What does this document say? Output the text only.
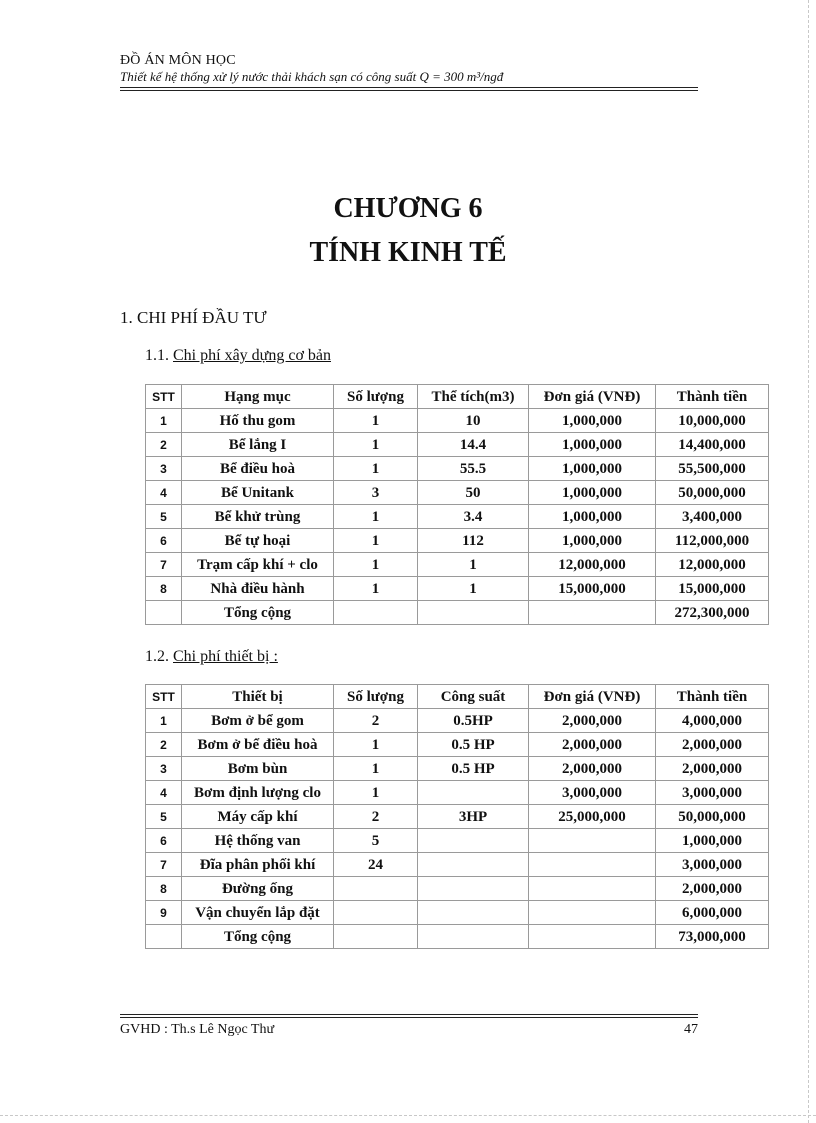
ĐỒ ÁN MÔN HỌC
Thiết kế hệ thống xử lý nước thải khách sạn có công suất Q = 300 m³/ngđ
CHƯƠNG 6
TÍNH KINH TẾ
1. CHI PHÍ ĐẦU TƯ
1.1. Chi phí xây dựng cơ bản
STT	Hạng mục	Số lượng	Thể tích(m3)	Đơn giá (VNĐ)	Thành tiền
1	Hố thu gom	1	10	1,000,000	10,000,000
2	Bể lắng I	1	14.4	1,000,000	14,400,000
3	Bể điều hoà	1	55.5	1,000,000	55,500,000
4	Bể Unitank	3	50	1,000,000	50,000,000
5	Bể khử trùng	1	3.4	1,000,000	3,400,000
6	Bể tự hoại	1	112	1,000,000	112,000,000
7	Trạm cấp khí + clo	1	1	12,000,000	12,000,000
8	Nhà điều hành	1	1	15,000,000	15,000,000
	Tổng cộng				272,300,000
1.2. Chi phí thiết bị :
STT	Thiết bị	Số lượng	Công suất	Đơn giá (VNĐ)	Thành tiền
1	Bơm ở bể gom	2	0.5HP	2,000,000	4,000,000
2	Bơm ở bể điều hoà	1	0.5 HP	2,000,000	2,000,000
3	Bơm bùn	1	0.5 HP	2,000,000	2,000,000
4	Bơm định lượng clo	1		3,000,000	3,000,000
5	Máy cấp khí	2	3HP	25,000,000	50,000,000
6	Hệ thống van	5			1,000,000
7	Đĩa phân phối khí	24			3,000,000
8	Đường ống				2,000,000
9	Vận chuyển lắp đặt				6,000,000
	Tổng cộng				73,000,000
GVHD : Th.s Lê Ngọc Thư	47
